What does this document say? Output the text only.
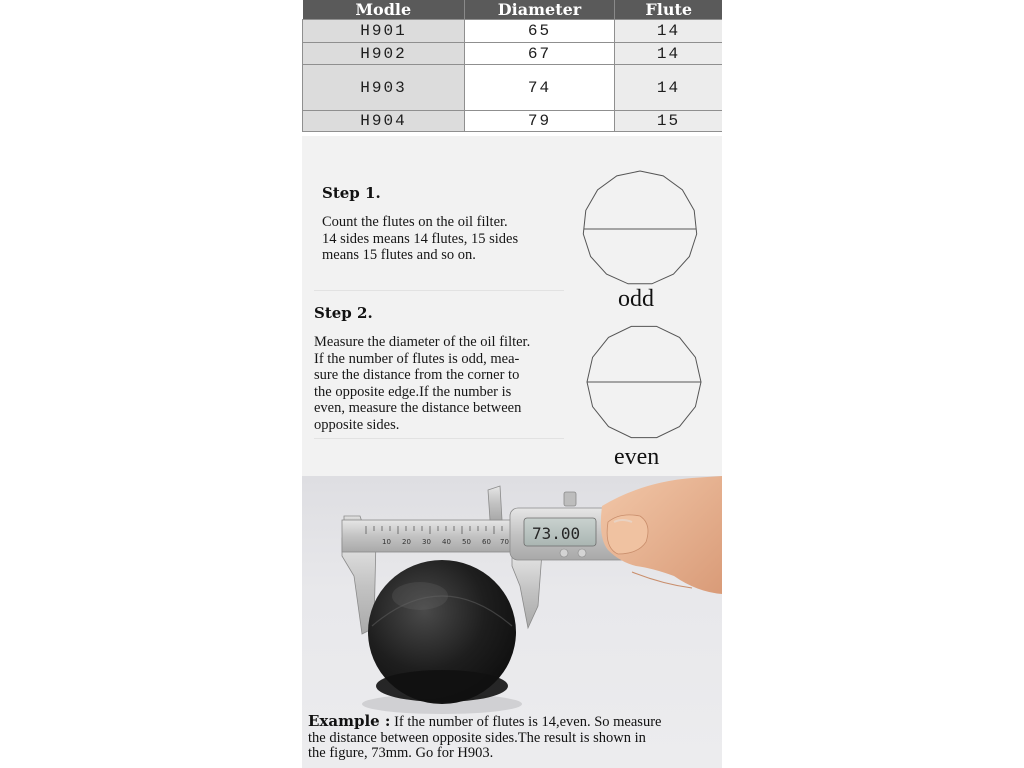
Modle	Diameter	Flute
H901	65	14
H902	67	14
H903	74	14
H904	79	15
Step 1.
Count the flutes on the oil filter.
14 sides means 14 flutes, 15 sides
means 15 flutes and so on.
odd
Step 2.
Measure the diameter of the oil filter.
If the number of flutes is odd, mea-
sure the distance from the corner to
the opposite edge.If the number is
even, measure the distance between
opposite sides.
even
10 20 30 40 50 60 70 73.00

Example : If the number of flutes is 14,even. So measure
the distance between opposite sides.The result is shown in
the figure, 73mm. Go for H903.
